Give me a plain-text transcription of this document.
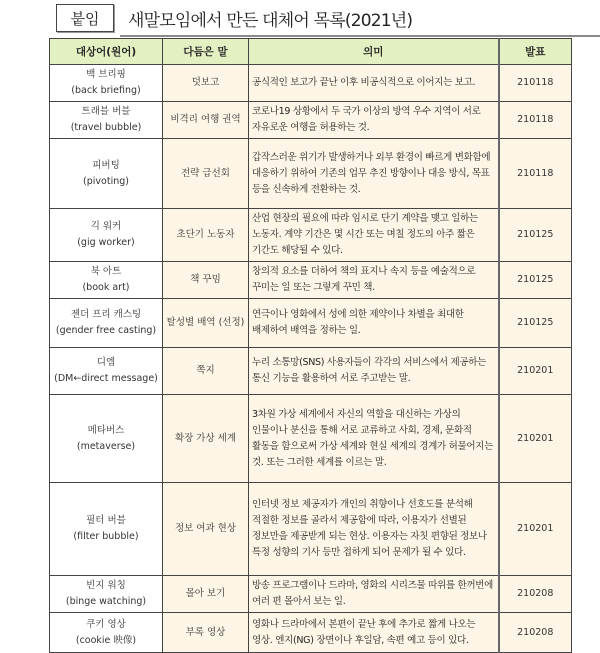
붙임	새말모임에서 만든 대체어 목록(2021년)
대상어(원어)	다듬은 말	의미	발표

백 브리핑
(back briefing)	덧보고	공식적인 보고가 끝난 이후 비공식적으로 이어지는 보고.	210118

트래블 버블
(travel bubble)	비격리 여행 권역	코로나19 상황에서 두 국가 이상의 방역 우수 지역이 서로 자유로운 여행을 허용하는 것.	210118

피버팅
(pivoting)	전략 급선회	갑작스러운 위기가 발생하거나 외부 환경이 빠르게 변화함에 대응하기 위하여 기존의 업무 추진 방향이나 대응 방식, 목표 등을 신속하게 전환하는 것.	210118

긱 워커
(gig worker)	초단기 노동자	산업 현장의 필요에 따라 임시로 단기 계약을 맺고 일하는 노동자. 계약 기간은 몇 시간 또는 며칠 정도의 아주 짧은 기간도 해당될 수 있다.	210125

북 아트
(book art)	책 꾸밈	창의적 요소를 더하여 책의 표지나 속지 등을 예술적으로 꾸미는 일 또는 그렇게 꾸민 책.	210125

젠더 프리 캐스팅
(gender free casting)	탈성별 배역 (선정)	연극이나 영화에서 성에 의한 제약이나 차별을 최대한 배제하여 배역을 정하는 일.	210125

디엠
(DM←direct message)	쪽지	누리 소통망(SNS) 사용자들이 각각의 서비스에서 제공하는 통신 기능을 활용하여 서로 주고받는 말.	210201

메타버스
(metaverse)	확장 가상 세계	3차원 가상 세계에서 자신의 역할을 대신하는 가상의 인물이나 분신을 통해 서로 교류하고 사회, 경제, 문화적 활동을 함으로써 가상 세계와 현실 세계의 경계가 허물어지는 것. 또는 그러한 세계를 이르는 말.	210201

필터 버블
(filter bubble)	정보 여과 현상	인터넷 정보 제공자가 개인의 취향이나 선호도를 분석해 적절한 정보를 골라서 제공함에 따라, 이용자가 선별된 정보만을 제공받게 되는 현상. 이용자는 자칫 편향된 정보나 특정 성향의 기사 등만 접하게 되어 문제가 될 수 있다.	210201

빈지 워칭
(binge watching)	몰아 보기	방송 프로그램이나 드라마, 영화의 시리즈물 따위를 한꺼번에 여러 편 몰아서 보는 일.	210208

쿠키 영상
(cookie 映像)	부록 영상	영화나 드라마에서 본편이 끝난 후에 추가로 짧게 나오는 영상. 엔지(NG) 장면이나 후일담, 속편 예고 등이 있다.	210208
